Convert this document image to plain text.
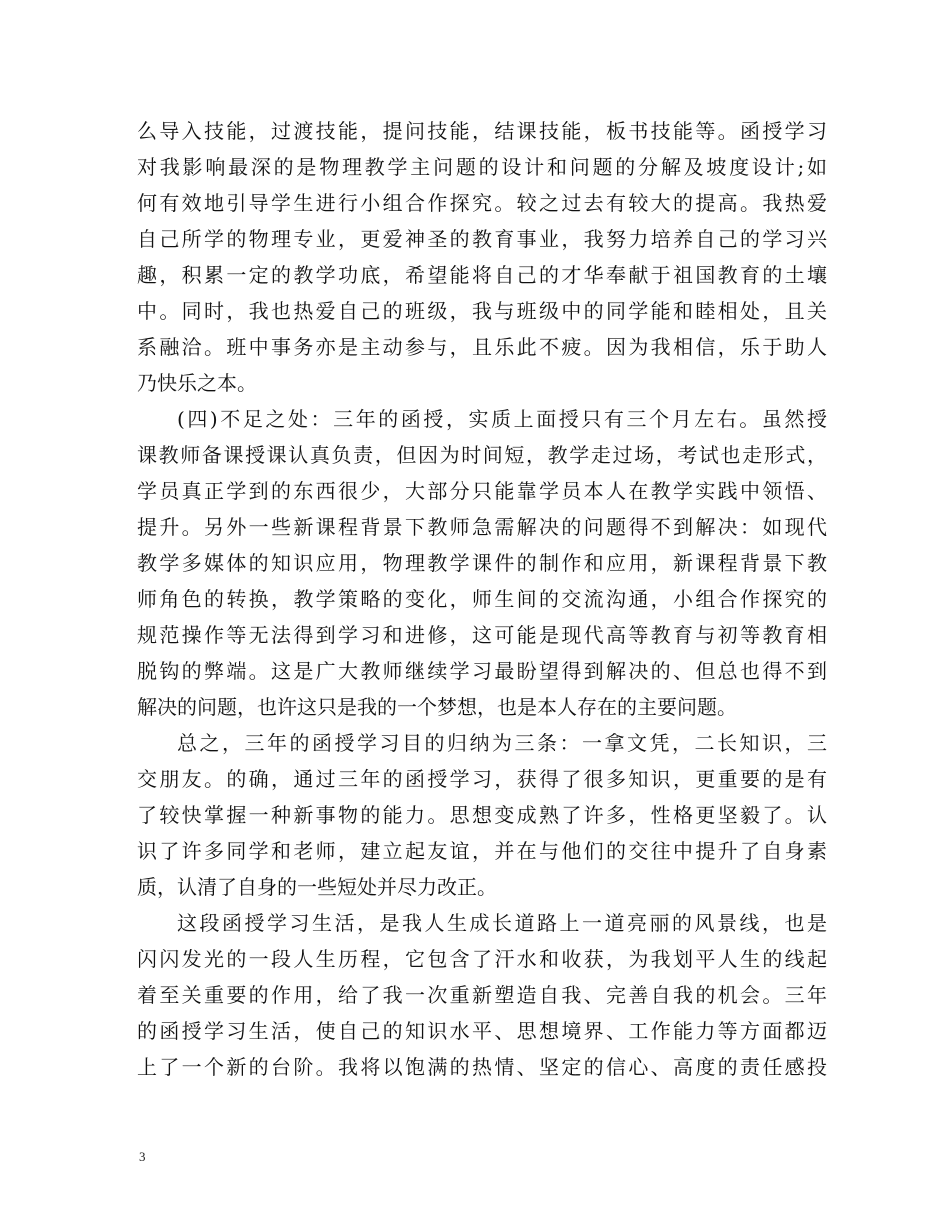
么导入技能，过渡技能，提问技能，结课技能，板书技能等。函授学习
对我影响最深的是物理教学主问题的设计和问题的分解及坡度设计;如
何有效地引导学生进行小组合作探究。较之过去有较大的提高。我热爱
自己所学的物理专业，更爱神圣的教育事业，我努力培养自己的学习兴
趣，积累一定的教学功底，希望能将自己的才华奉献于祖国教育的土壤
中。同时，我也热爱自己的班级，我与班级中的同学能和睦相处，且关
系融洽。班中事务亦是主动参与，且乐此不疲。因为我相信，乐于助人
乃快乐之本。
(四)不足之处：三年的函授，实质上面授只有三个月左右。虽然授
课教师备课授课认真负责，但因为时间短，教学走过场，考试也走形式，
学员真正学到的东西很少，大部分只能靠学员本人在教学实践中领悟、
提升。另外一些新课程背景下教师急需解决的问题得不到解决：如现代
教学多媒体的知识应用，物理教学课件的制作和应用，新课程背景下教
师角色的转换，教学策略的变化，师生间的交流沟通，小组合作探究的
规范操作等无法得到学习和进修，这可能是现代高等教育与初等教育相
脱钩的弊端。这是广大教师继续学习最盼望得到解决的、但总也得不到
解决的问题，也许这只是我的一个梦想，也是本人存在的主要问题。
总之，三年的函授学习目的归纳为三条：一拿文凭，二长知识，三
交朋友。的确，通过三年的函授学习，获得了很多知识，更重要的是有
了较快掌握一种新事物的能力。思想变成熟了许多，性格更坚毅了。认
识了许多同学和老师，建立起友谊，并在与他们的交往中提升了自身素
质，认清了自身的一些短处并尽力改正。
这段函授学习生活，是我人生成长道路上一道亮丽的风景线，也是
闪闪发光的一段人生历程，它包含了汗水和收获，为我划平人生的线起
着至关重要的作用，给了我一次重新塑造自我、完善自我的机会。三年
的函授学习生活，使自己的知识水平、思想境界、工作能力等方面都迈
上了一个新的台阶。我将以饱满的热情、坚定的信心、高度的责任感投
3
